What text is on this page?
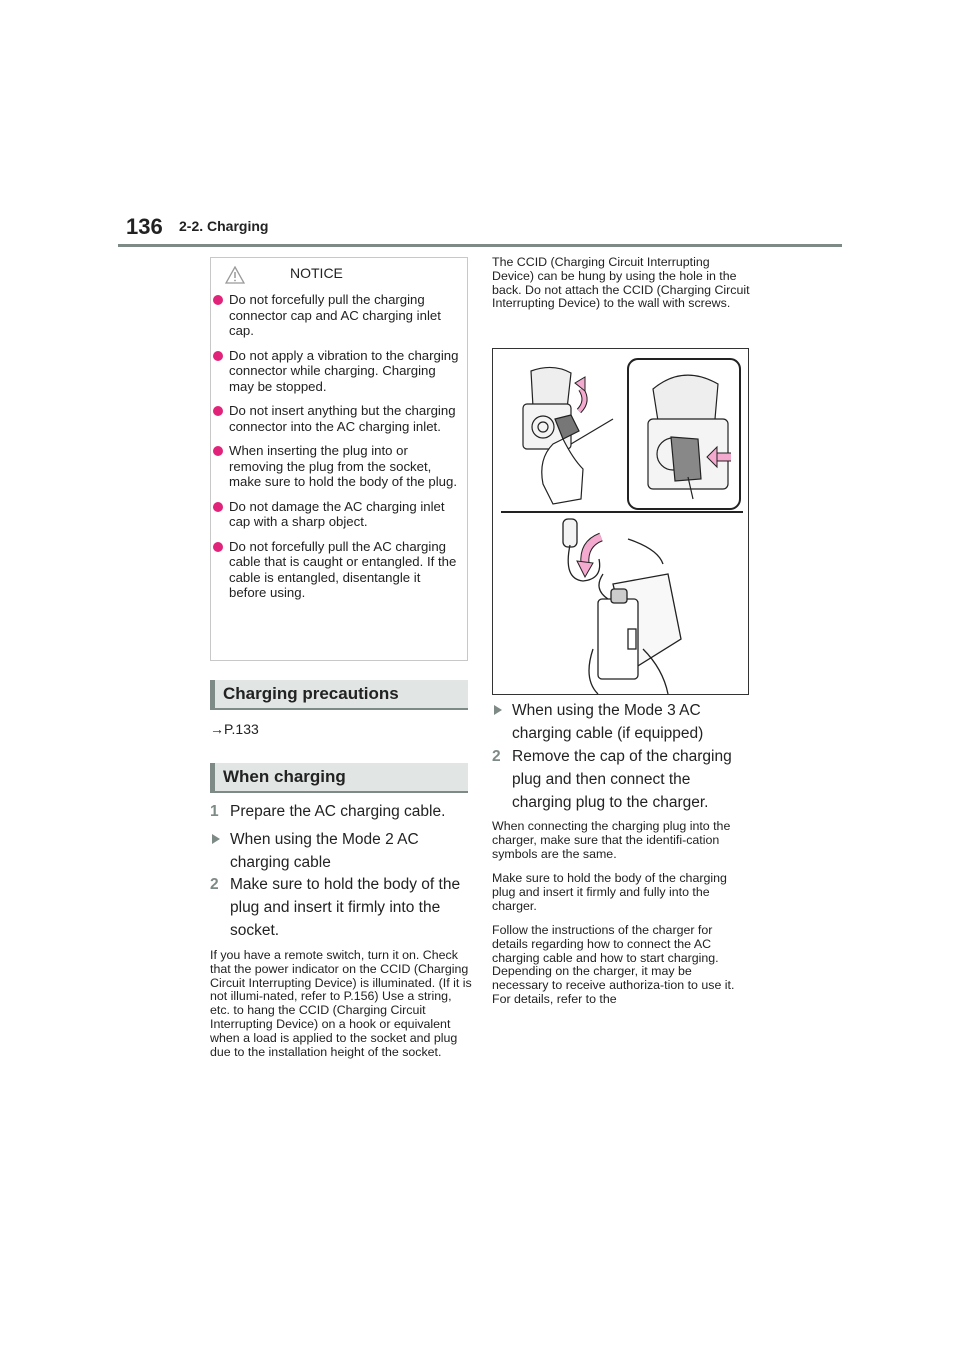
136 2-2. Charging
NOTICE
Do not forcefully pull the charging connector cap and AC charging inlet cap.
Do not apply a vibration to the charging connector while charging. Charging may be stopped.
Do not insert anything but the charging connector into the AC charging inlet.
When inserting the plug into or removing the plug from the socket, make sure to hold the body of the plug.
Do not damage the AC charging inlet cap with a sharp object.
Do not forcefully pull the AC charging cable that is caught or entangled. If the cable is entangled, disentangle it before using.
Charging precautions
→P.133
When charging
1 Prepare the AC charging cable.
When using the Mode 2 AC charging cable
2 Make sure to hold the body of the plug and insert it firmly into the socket.
If you have a remote switch, turn it on. Check that the power indicator on the CCID (Charging Circuit Interrupting Device) is illuminated. (If it is not illumi-nated, refer to P.156) Use a string, etc. to hang the CCID (Charging Circuit Interrupting Device) on a hook or equivalent when a load is applied to the socket and plug due to the installation height of the socket.
The CCID (Charging Circuit Interrupting Device) can be hung by using the hole in the back. Do not attach the CCID (Charging Circuit Interrupting Device) to the wall with screws.
When using the Mode 3 AC charging cable (if equipped)
2 Remove the cap of the charging plug and then connect the charging plug to the charger.
When connecting the charging plug into the charger, make sure that the identifi-cation symbols are the same.
Make sure to hold the body of the charging plug and insert it firmly and fully into the charger.
Follow the instructions of the charger for details regarding how to connect the AC charging cable and how to start charging. Depending on the charger, it may be necessary to receive authoriza-tion to use it. For details, refer to the
